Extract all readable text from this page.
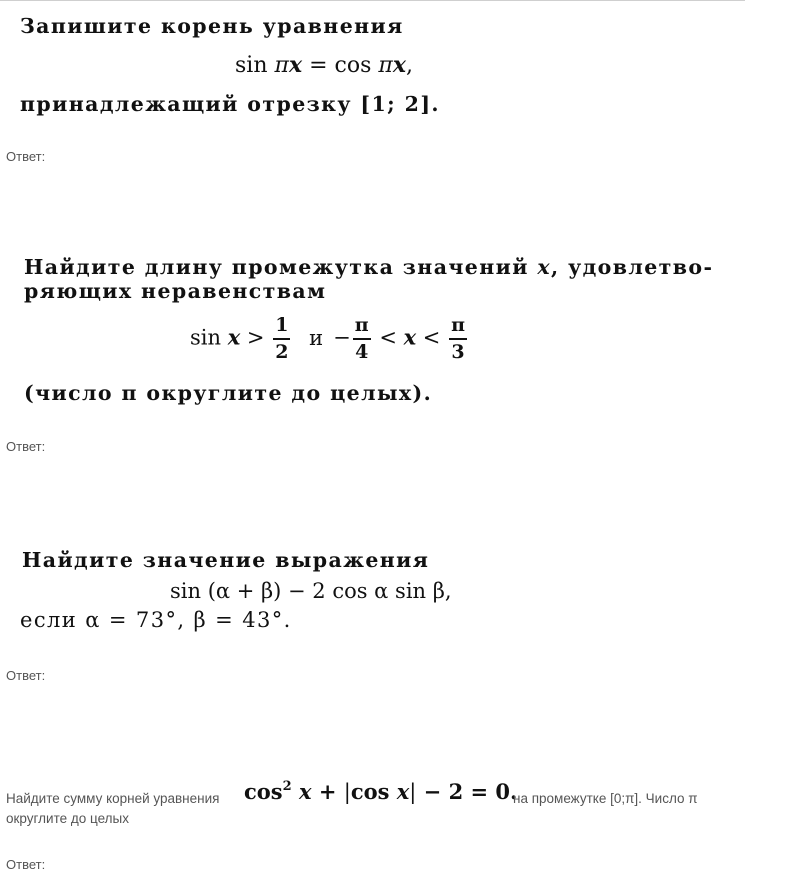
Запишите корень уравнения
sin πx = cos πx,
принадлежащий отрезку [1; 2].
Ответ:
Найдите длину промежутка значений x, удовлетво-
ряющих неравенствам
$\sin x > \frac{1}{2}$ $и - \frac{\pi}{4} < x < \frac{\pi}{3}$
(число π округлите до целых).
Ответ:
Найдите значение выражения
sin (α + β) − 2 cos α sin β,
если α = 73°, β = 43°.
Ответ:
Найдите сумму корней уравнения $\cos^2 x + |\cos$ x| − 2 = 0.
на промежутке [0;π]. Число π
округлите до целых
Ответ:
